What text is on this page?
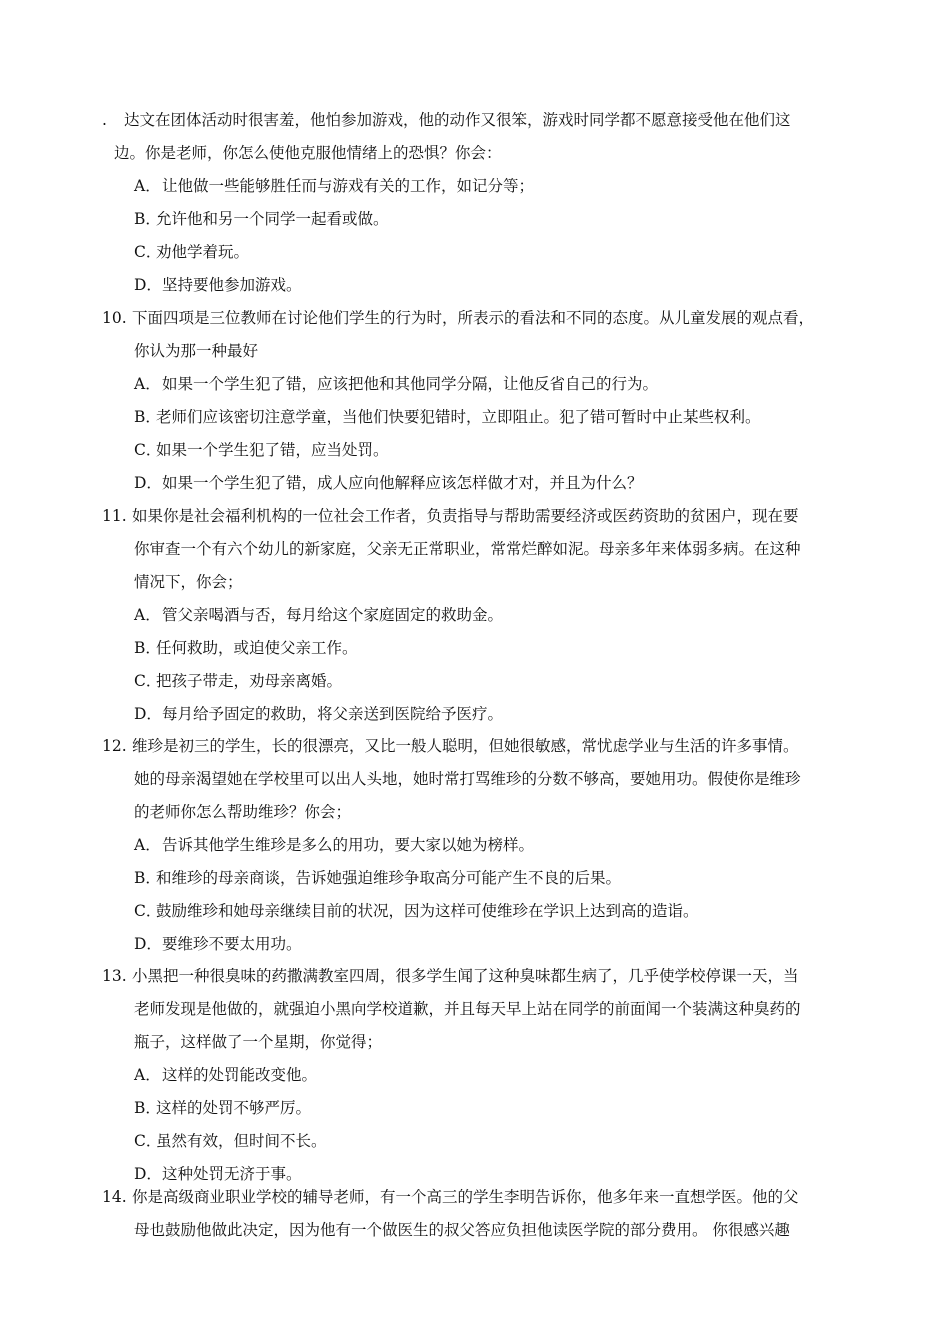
.	达文在团体活动时很害羞，他怕参加游戏，他的动作又很笨，游戏时同学都不愿意接受他在他们这
边。你是老师，你怎么使他克服他情绪上的恐惧？你会：
A．让他做一些能够胜任而与游戏有关的工作，如记分等；
B．允许他和另一个同学一起看或做。
C．劝他学着玩。
D．坚持要他参加游戏。
10. 下面四项是三位教师在讨论他们学生的行为时，所表示的看法和不同的态度。从儿童发展的观点看，
你认为那一种最好
A．如果一个学生犯了错，应该把他和其他同学分隔，让他反省自己的行为。
B．老师们应该密切注意学童，当他们快要犯错时，立即阻止。犯了错可暂时中止某些权利。
C．如果一个学生犯了错，应当处罚。
D．如果一个学生犯了错，成人应向他解释应该怎样做才对，并且为什么？
11. 如果你是社会福利机构的一位社会工作者，负责指导与帮助需要经济或医药资助的贫困户，现在要
你审查一个有六个幼儿的新家庭，父亲无正常职业，常常烂醉如泥。母亲多年来体弱多病。在这种
情况下，你会；
A．管父亲喝酒与否，每月给这个家庭固定的救助金。
B．任何救助，或迫使父亲工作。
C．把孩子带走，劝母亲离婚。
D．每月给予固定的救助，将父亲送到医院给予医疗。
12. 维珍是初三的学生，长的很漂亮，又比一般人聪明，但她很敏感，常忧虑学业与生活的许多事情。
她的母亲渴望她在学校里可以出人头地，她时常打骂维珍的分数不够高，要她用功。假使你是维珍
的老师你怎么帮助维珍？你会；
A．告诉其他学生维珍是多么的用功，要大家以她为榜样。
B．和维珍的母亲商谈，告诉她强迫维珍争取高分可能产生不良的后果。
C．鼓励维珍和她母亲继续目前的状况，因为这样可使维珍在学识上达到高的造诣。
D．要维珍不要太用功。
13. 小黑把一种很臭味的药撒满教室四周，很多学生闻了这种臭味都生病了，几乎使学校停课一天，当
老师发现是他做的，就强迫小黑向学校道歉，并且每天早上站在同学的前面闻一个装满这种臭药的
瓶子，这样做了一个星期，你觉得；
A．这样的处罚能改变他。
B．这样的处罚不够严厉。
C．虽然有效，但时间不长。
D．这种处罚无济于事。
14. 你是高级商业职业学校的辅导老师，有一个高三的学生李明告诉你，他多年来一直想学医。他的父
母也鼓励他做此决定，因为他有一个做医生的叔父答应负担他读医学院的部分费用。 你很感兴趣
